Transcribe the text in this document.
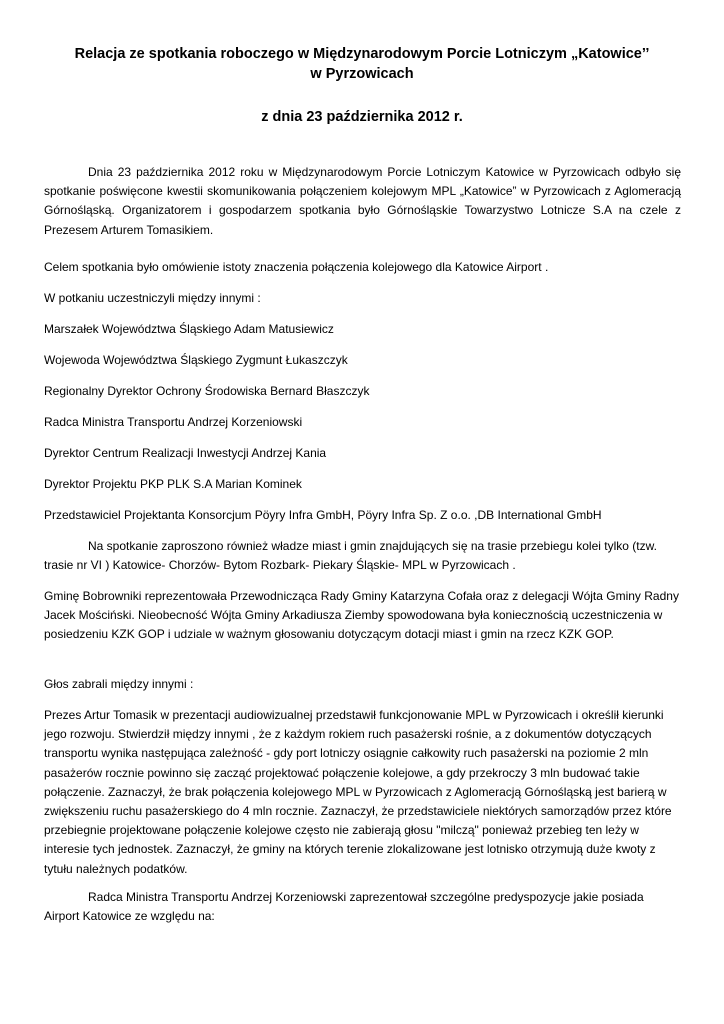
Relacja ze spotkania roboczego w Międzynarodowym Porcie Lotniczym „Katowice’’
w Pyrzowicach
z dnia 23 października 2012 r.

Dnia 23 października 2012 roku w Międzynarodowym Porcie Lotniczym Katowice w Pyrzowicach odbyło się spotkanie poświęcone kwestii skomunikowania połączeniem kolejowym MPL „Katowice” w Pyrzowicach z Aglomeracją Górnośląską. Organizatorem i gospodarzem spotkania było Górnośląskie Towarzystwo Lotnicze S.A na czele z Prezesem Arturem Tomasikiem.

Celem spotkania było omówienie istoty znaczenia połączenia kolejowego dla Katowice Airport .

W potkaniu uczestniczyli między innymi :

Marszałek Województwa Śląskiego Adam Matusiewicz

Wojewoda Województwa Śląskiego Zygmunt Łukaszczyk

Regionalny Dyrektor Ochrony Środowiska Bernard Błaszczyk

Radca Ministra Transportu Andrzej Korzeniowski

Dyrektor Centrum Realizacji Inwestycji Andrzej Kania

Dyrektor Projektu PKP PLK S.A Marian Kominek

Przedstawiciel Projektanta Konsorcjum Pöyry Infra GmbH, Pöyry Infra Sp. Z o.o. ,DB International GmbH

Na spotkanie zaproszono również władze miast i gmin znajdujących się na trasie przebiegu kolei tylko (tzw. trasie nr VI ) Katowice- Chorzów- Bytom Rozbark- Piekary Śląskie- MPL w Pyrzowicach .

Gminę Bobrowniki reprezentowała Przewodnicząca Rady Gminy Katarzyna Cofała oraz z delegacji Wójta Gminy Radny Jacek Mościński. Nieobecność Wójta Gminy Arkadiusza Ziemby spowodowana była koniecznością uczestniczenia w posiedzeniu KZK GOP i udziale w ważnym głosowaniu dotyczącym dotacji miast i gmin na rzecz KZK GOP.

Głos zabrali między innymi :

Prezes Artur Tomasik w prezentacji audiowizualnej przedstawił funkcjonowanie MPL w Pyrzowicach i określił kierunki jego rozwoju. Stwierdził między innymi , że z każdym rokiem ruch pasażerski rośnie, a z dokumentów dotyczących transportu wynika następująca zależność - gdy port lotniczy osiągnie całkowity ruch pasażerski na poziomie 2 mln pasażerów rocznie powinno się zacząć projektować połączenie kolejowe, a gdy przekroczy 3 mln budować takie połączenie. Zaznaczył, że brak połączenia kolejowego MPL w Pyrzowicach z Aglomeracją Górnośląską jest barierą w zwiększeniu ruchu pasażerskiego do 4 mln rocznie. Zaznaczył, że przedstawiciele niektórych samorządów przez które przebiegnie projektowane połączenie kolejowe często nie zabierają głosu "milczą" ponieważ przebieg ten leży w interesie tych jednostek. Zaznaczył, że gminy na których terenie zlokalizowane jest lotnisko otrzymują duże kwoty z tytułu należnych podatków.

Radca Ministra Transportu Andrzej Korzeniowski zaprezentował szczególne predyspozycje jakie posiada Airport Katowice ze względu na:
